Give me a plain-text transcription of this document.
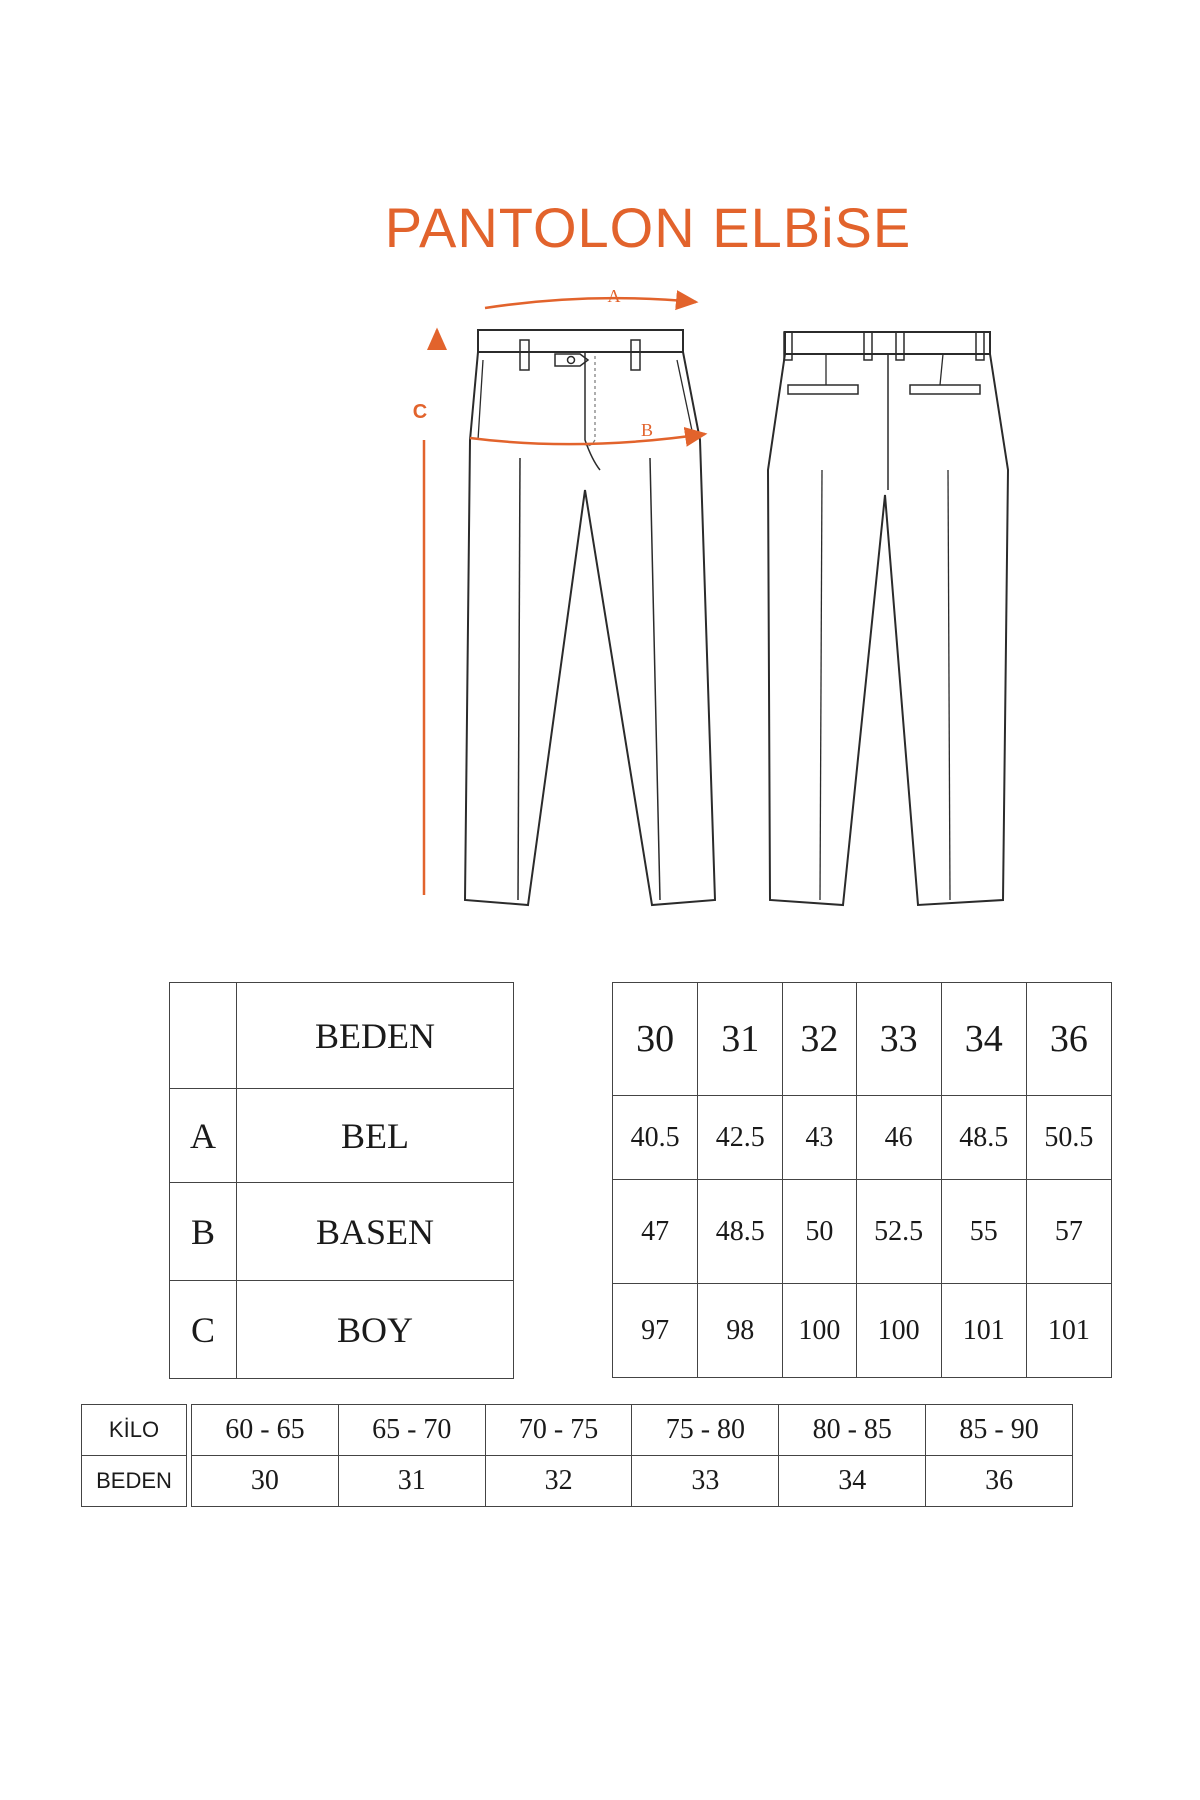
PANTOLON ELBiSE
A
B
C
	BEDEN
A	BEL
B	BASEN
C	BOY
30	31	32	33	34	36
40.5	42.5	43	46	48.5	50.5
47	48.5	50	52.5	55	57
97	98	100	100	101	101
KİLO		60 - 65	65 - 70	70 - 75	75 - 80	80 - 85	85 - 90
BEDEN		30	31	32	33	34	36
